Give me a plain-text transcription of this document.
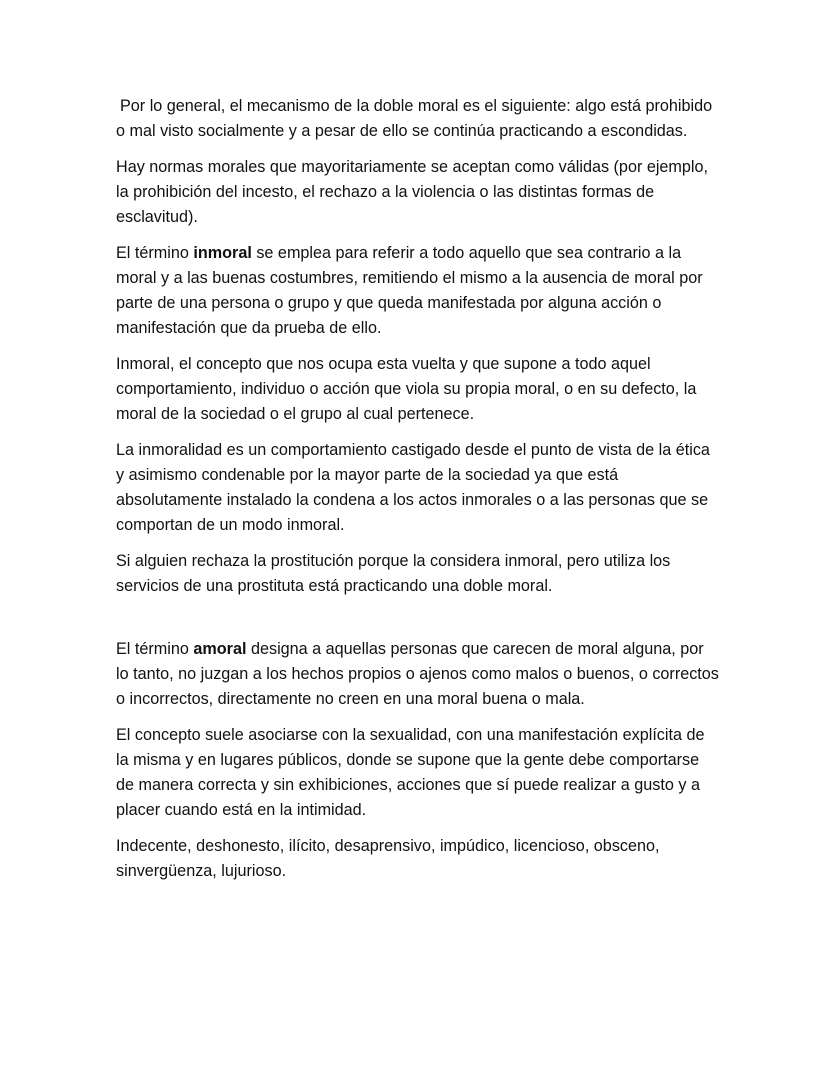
Por lo general, el mecanismo de la doble moral es el siguiente: algo está prohibido o mal visto socialmente y a pesar de ello se continúa practicando a escondidas.

Hay normas morales que mayoritariamente se aceptan como válidas (por ejemplo, la prohibición del incesto, el rechazo a la violencia o las distintas formas de esclavitud).

El término inmoral se emplea para referir a todo aquello que sea contrario a la moral y a las buenas costumbres, remitiendo el mismo a la ausencia de moral por parte de una persona o grupo y que queda manifestada por alguna acción o manifestación que da prueba de ello.

Inmoral, el concepto que nos ocupa esta vuelta y que supone a todo aquel comportamiento, individuo o acción que viola su propia moral, o en su defecto, la moral de la sociedad o el grupo al cual pertenece.

La inmoralidad es un comportamiento castigado desde el punto de vista de la ética y asimismo condenable por la mayor parte de la sociedad ya que está absolutamente instalado la condena a los actos inmorales o a las personas que se comportan de un modo inmoral.

Si alguien rechaza la prostitución porque la considera inmoral, pero utiliza los servicios de una prostituta está practicando una doble moral.

El término amoral designa a aquellas personas que carecen de moral alguna, por lo tanto, no juzgan a los hechos propios o ajenos como malos o buenos, o correctos o incorrectos, directamente no creen en una moral buena o mala.

El concepto suele asociarse con la sexualidad, con una manifestación explícita de la misma y en lugares públicos, donde se supone que la gente debe comportarse de manera correcta y sin exhibiciones, acciones que sí puede realizar a gusto y a placer cuando está en la intimidad.

Indecente, deshonesto, ilícito, desaprensivo, impúdico, licencioso, obsceno, sinvergüenza, lujurioso.
